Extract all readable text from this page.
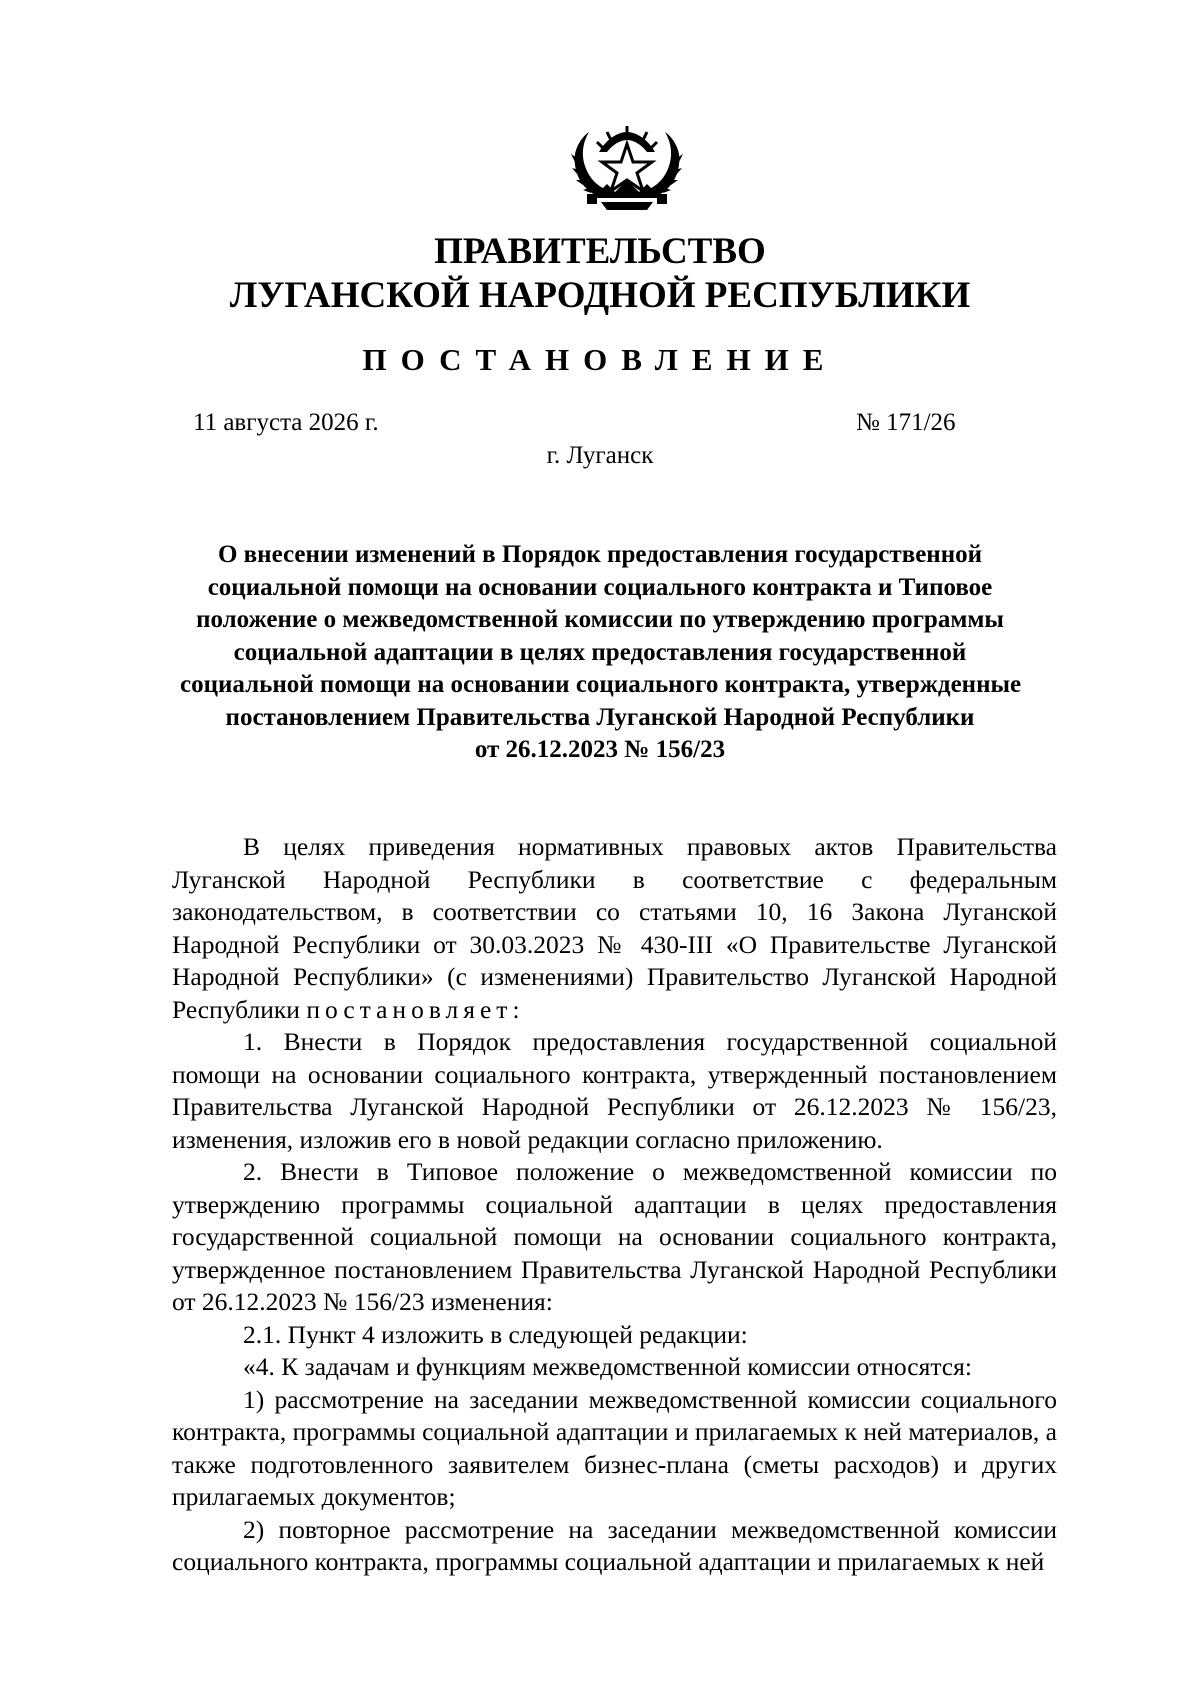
ПРАВИТЕЛЬСТВО
ЛУГАНСКОЙ НАРОДНОЙ РЕСПУБЛИКИ
ПОСТАНОВЛЕНИЕ
11 августа 2026 г.	№ 171/26
г. Луганск
О внесении изменений в Порядок предоставления государственной
социальной помощи на основании социального контракта и Типовое
положение о межведомственной комиссии по утверждению программы
социальной адаптации в целях предоставления государственной
социальной помощи на основании социального контракта, утвержденные
постановлением Правительства Луганской Народной Республики
от 26.12.2023 № 156/23

В целях приведения нормативных правовых актов Правительства Луганской Народной Республики в соответствие с федеральным законодательством, в соответствии со статьями 10, 16 Закона Луганской Народной Республики от 30.03.2023 № 430-III «О Правительстве Луганской Народной Республики» (с изменениями) Правительство Луганской Народной Республики постановляет:

1. Внести в Порядок предоставления государственной социальной помощи на основании социального контракта, утвержденный постановлением Правительства Луганской Народной Республики от 26.12.2023 № 156/23, изменения, изложив его в новой редакции согласно приложению.

2. Внести в Типовое положение о межведомственной комиссии по утверждению программы социальной адаптации в целях предоставления государственной социальной помощи на основании социального контракта, утвержденное постановлением Правительства Луганской Народной Республики от 26.12.2023 № 156/23 изменения:

2.1. Пункт 4 изложить в следующей редакции:

«4. К задачам и функциям межведомственной комиссии относятся:

1) рассмотрение на заседании межведомственной комиссии социального контракта, программы социальной адаптации и прилагаемых к ней материалов, а также подготовленного заявителем бизнес-плана (сметы расходов) и других прилагаемых документов;

2) повторное рассмотрение на заседании межведомственной комиссии социального контракта, программы социальной адаптации и прилагаемых к ней
